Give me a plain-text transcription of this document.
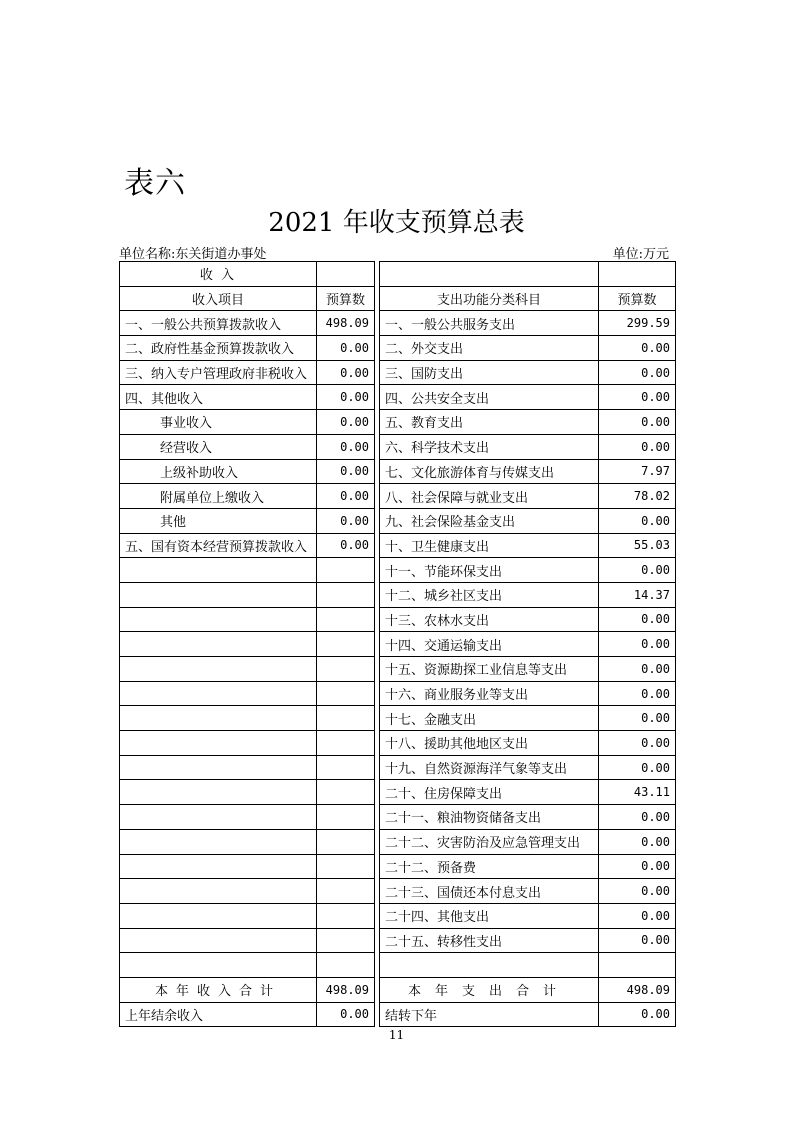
表六
2021 年收支预算总表
单位名称:东关街道办事处	单位:万元
收 入				
收入项目	预算数		支出功能分类科目	预算数
一、一般公共预算拨款收入	498.09		一、一般公共服务支出	299.59
二、政府性基金预算拨款收入	0.00		二、外交支出	0.00
三、纳入专户管理政府非税收入	0.00		三、国防支出	0.00
四、其他收入	0.00		四、公共安全支出	0.00
事业收入	0.00		五、教育支出	0.00
经营收入	0.00		六、科学技术支出	0.00
上级补助收入	0.00		七、文化旅游体育与传媒支出	7.97
附属单位上缴收入	0.00		八、社会保障与就业支出	78.02
其他	0.00		九、社会保险基金支出	0.00
五、国有资本经营预算拨款收入	0.00		十、卫生健康支出	55.03
			十一、节能环保支出	0.00
			十二、城乡社区支出	14.37
			十三、农林水支出	0.00
			十四、交通运输支出	0.00
			十五、资源勘探工业信息等支出	0.00
			十六、商业服务业等支出	0.00
			十七、金融支出	0.00
			十八、援助其他地区支出	0.00
			十九、自然资源海洋气象等支出	0.00
			二十、住房保障支出	43.11
			二十一、粮油物资储备支出	0.00
			二十二、灾害防治及应急管理支出	0.00
			二十二、预备费	0.00
			二十三、国债还本付息支出	0.00
			二十四、其他支出	0.00
			二十五、转移性支出	0.00

本年收入合计	498.09		本年支出合计	498.09
上年结余收入	0.00		结转下年	0.00
11
